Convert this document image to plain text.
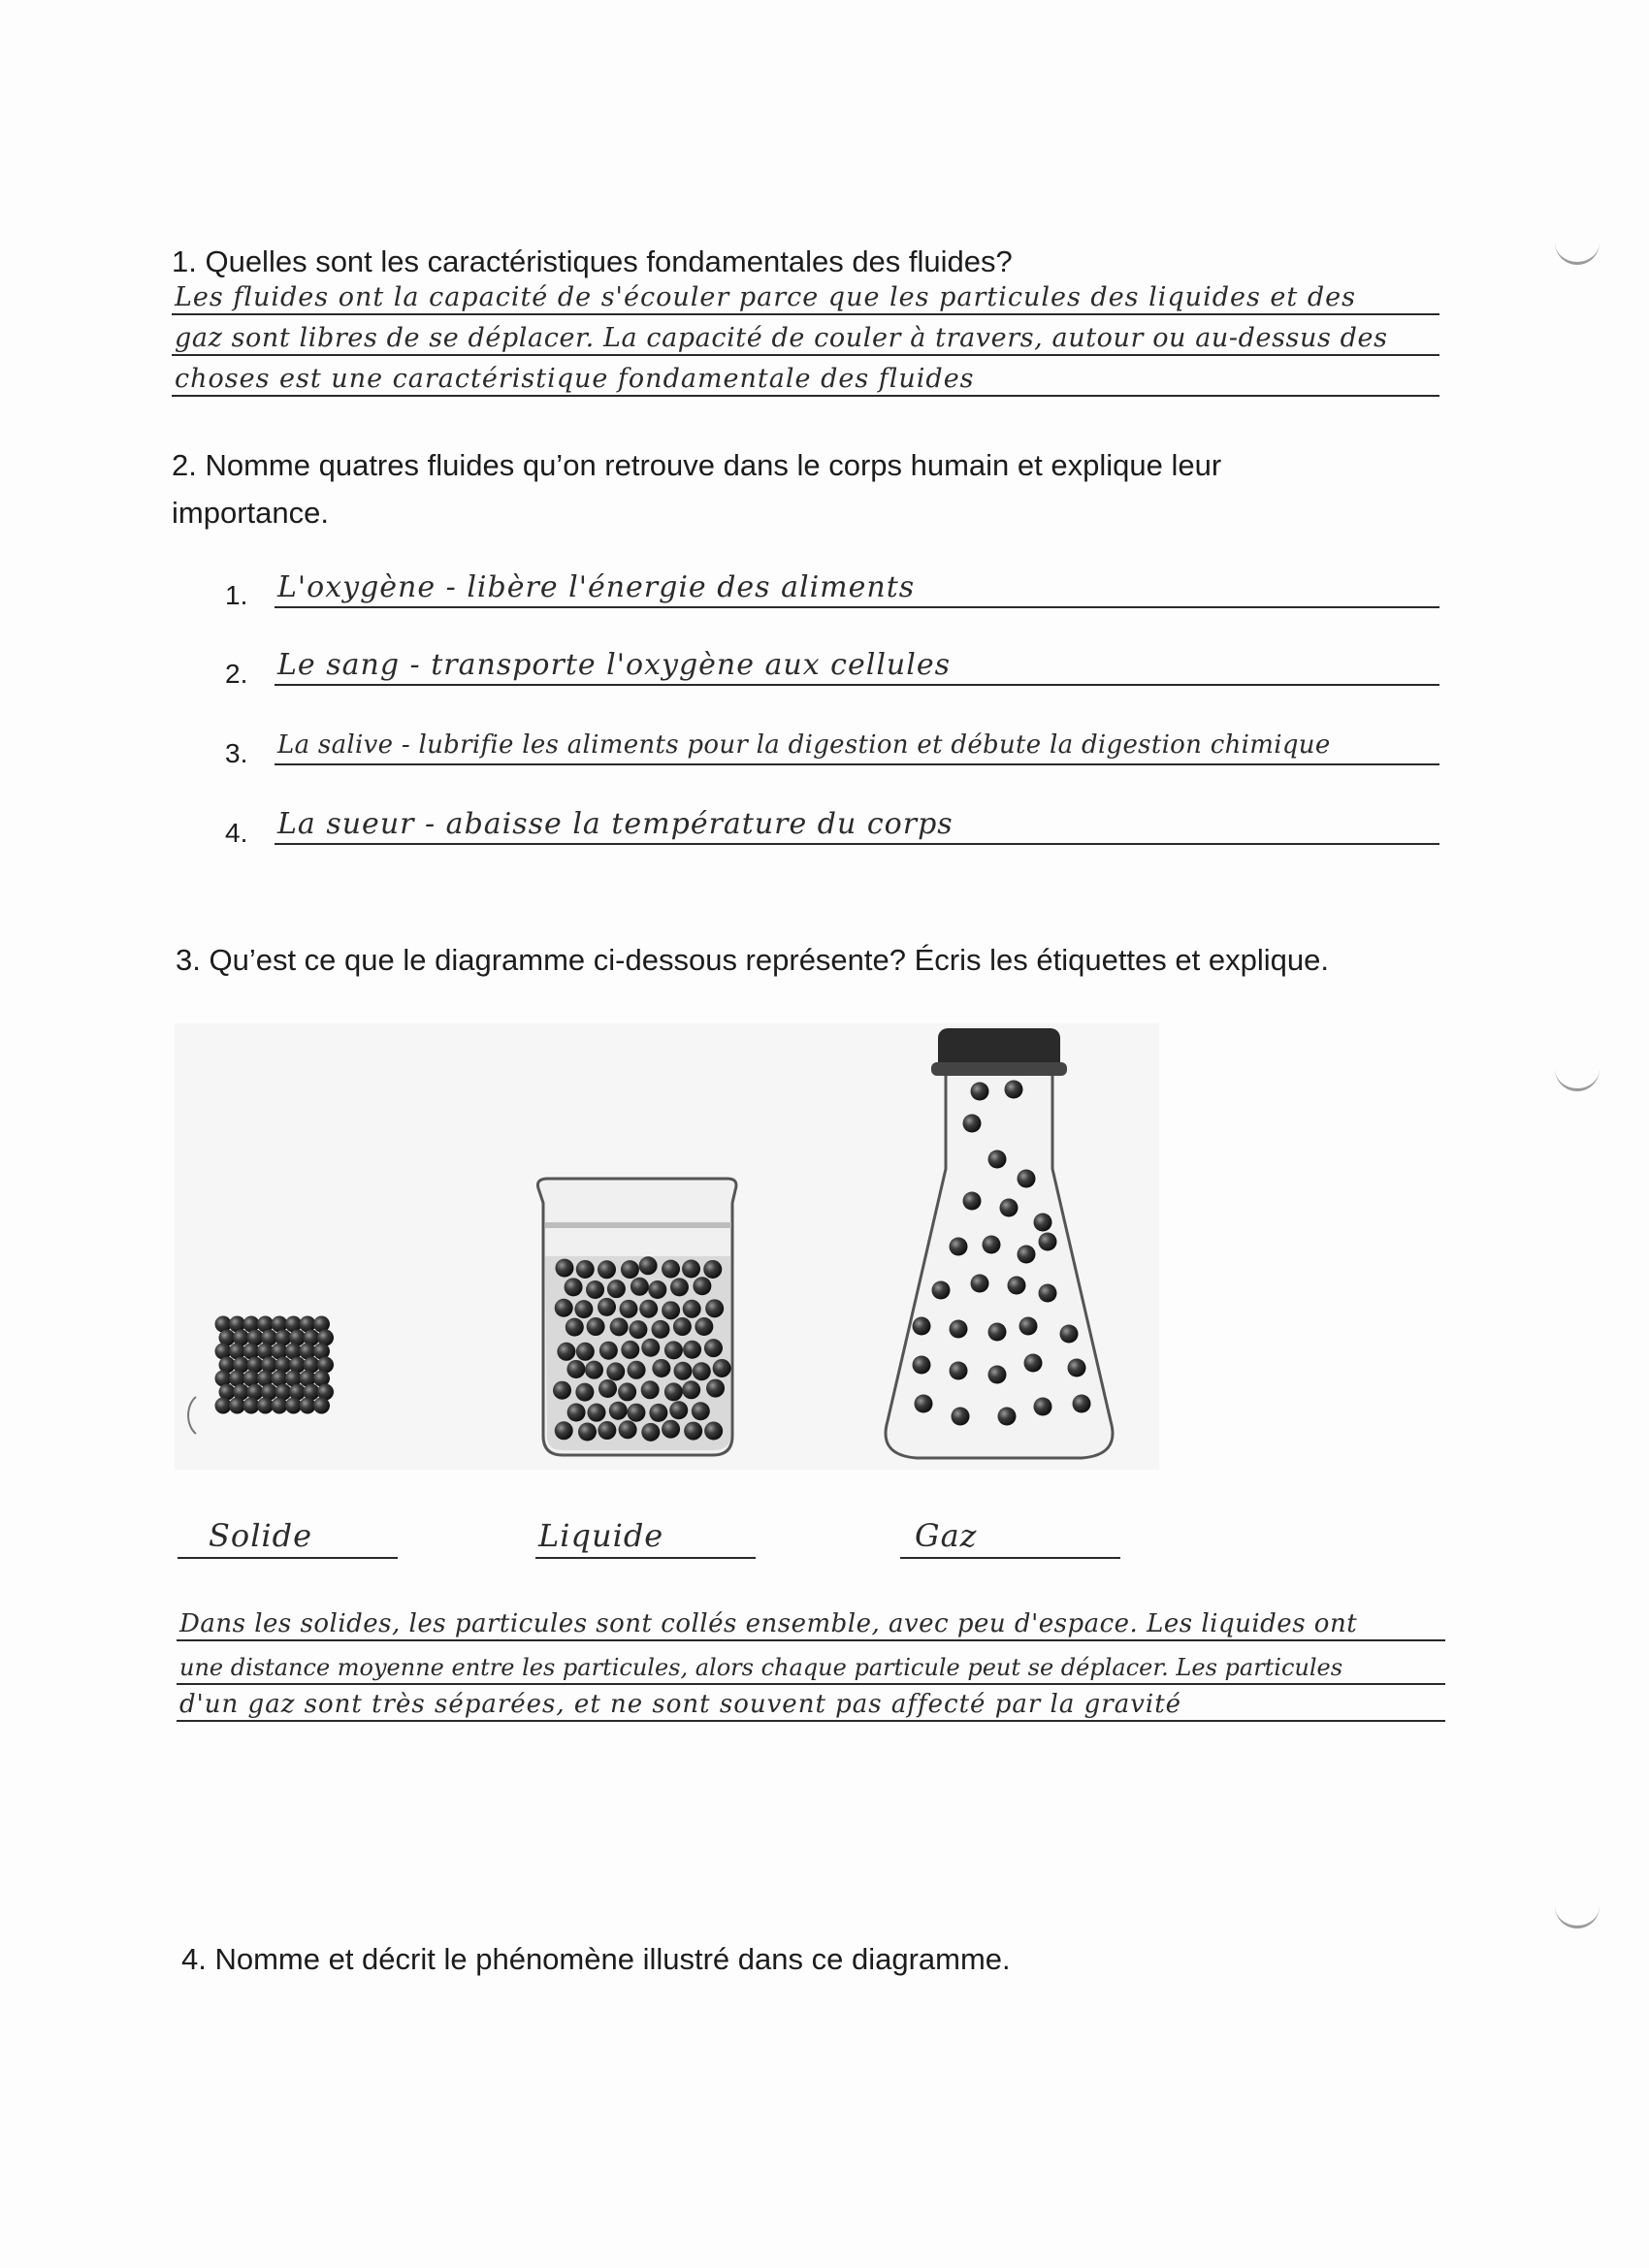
1. Quelles sont les caractéristiques fondamentales des fluides?
Les fluides ont la capacité de s'écouler parce que les particules des liquides et des
gaz sont libres de se déplacer. La capacité de couler à travers, autour ou au-dessus des
choses est une caractéristique fondamentale des fluides
2. Nomme quatres fluides qu’on retrouve dans le corps humain et explique leur
importance.
1. L'oxygène - libère l'énergie des aliments
2. Le sang - transporte l'oxygène aux cellules
3. La salive - lubrifie les aliments pour la digestion et débute la digestion chimique
4. La sueur - abaisse la température du corps
3. Qu’est ce que le diagramme ci-dessous représente? Écris les étiquettes et explique.
Solide	Liquide	Gaz
Dans les solides, les particules sont collés ensemble, avec peu d'espace. Les liquides ont
une distance moyenne entre les particules, alors chaque particule peut se déplacer. Les particules
d'un gaz sont très séparées, et ne sont souvent pas affecté par la gravité
4. Nomme et décrit le phénomène illustré dans ce diagramme.
